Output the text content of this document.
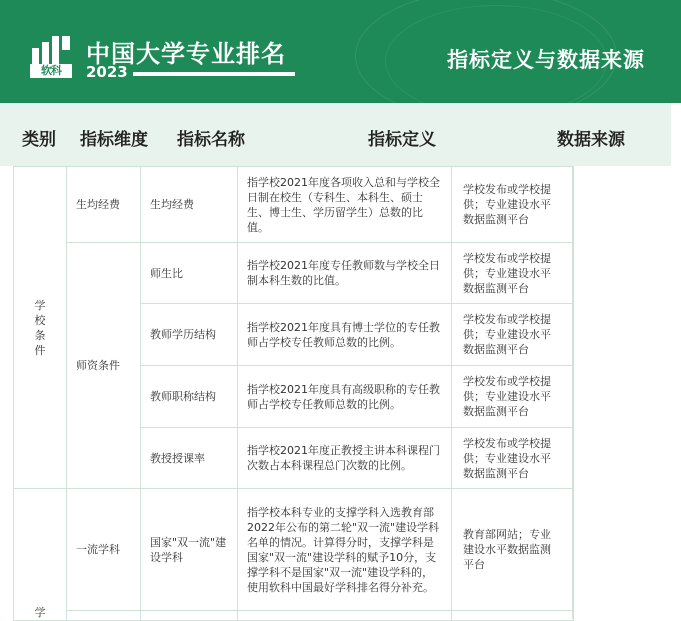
软科
中国大学专业排名
2023	指标定义与数据来源
类别 指标维度 指标名称	指标定义	数据来源
学校条件	生均经费	生均经费	指学校2021年度各项收入总和与学校全日制在校生（专科生、本科生、硕士生、博士生、学历留学生）总数的比值。	学校发布或学校提供；专业建设水平数据监测平台
	师资条件	师生比	指学校2021年度专任教师数与学校全日制本科生数的比值。	学校发布或学校提供；专业建设水平数据监测平台
		教师学历结构	指学校2021年度具有博士学位的专任教师占学校专任教师总数的比例。	学校发布或学校提供；专业建设水平数据监测平台
		教师职称结构	指学校2021年度具有高级职称的专任教师占学校专任教师总数的比例。	学校发布或学校提供；专业建设水平数据监测平台
		教授授课率	指学校2021年度正教授主讲本科课程门次数占本科课程总门次数的比例。	学校发布或学校提供；专业建设水平数据监测平台
学	一流学科	国家"双一流"建设学科	指学校本科专业的支撑学科入选教育部2022年公布的第二轮"双一流"建设学科名单的情况。计算得分时，支撑学科是国家"双一流"建设学科的赋予10分，支撑学科不是国家"双一流"建设学科的，使用软科中国最好学科排名得分补充。	教育部网站；专业建设水平数据监测平台
